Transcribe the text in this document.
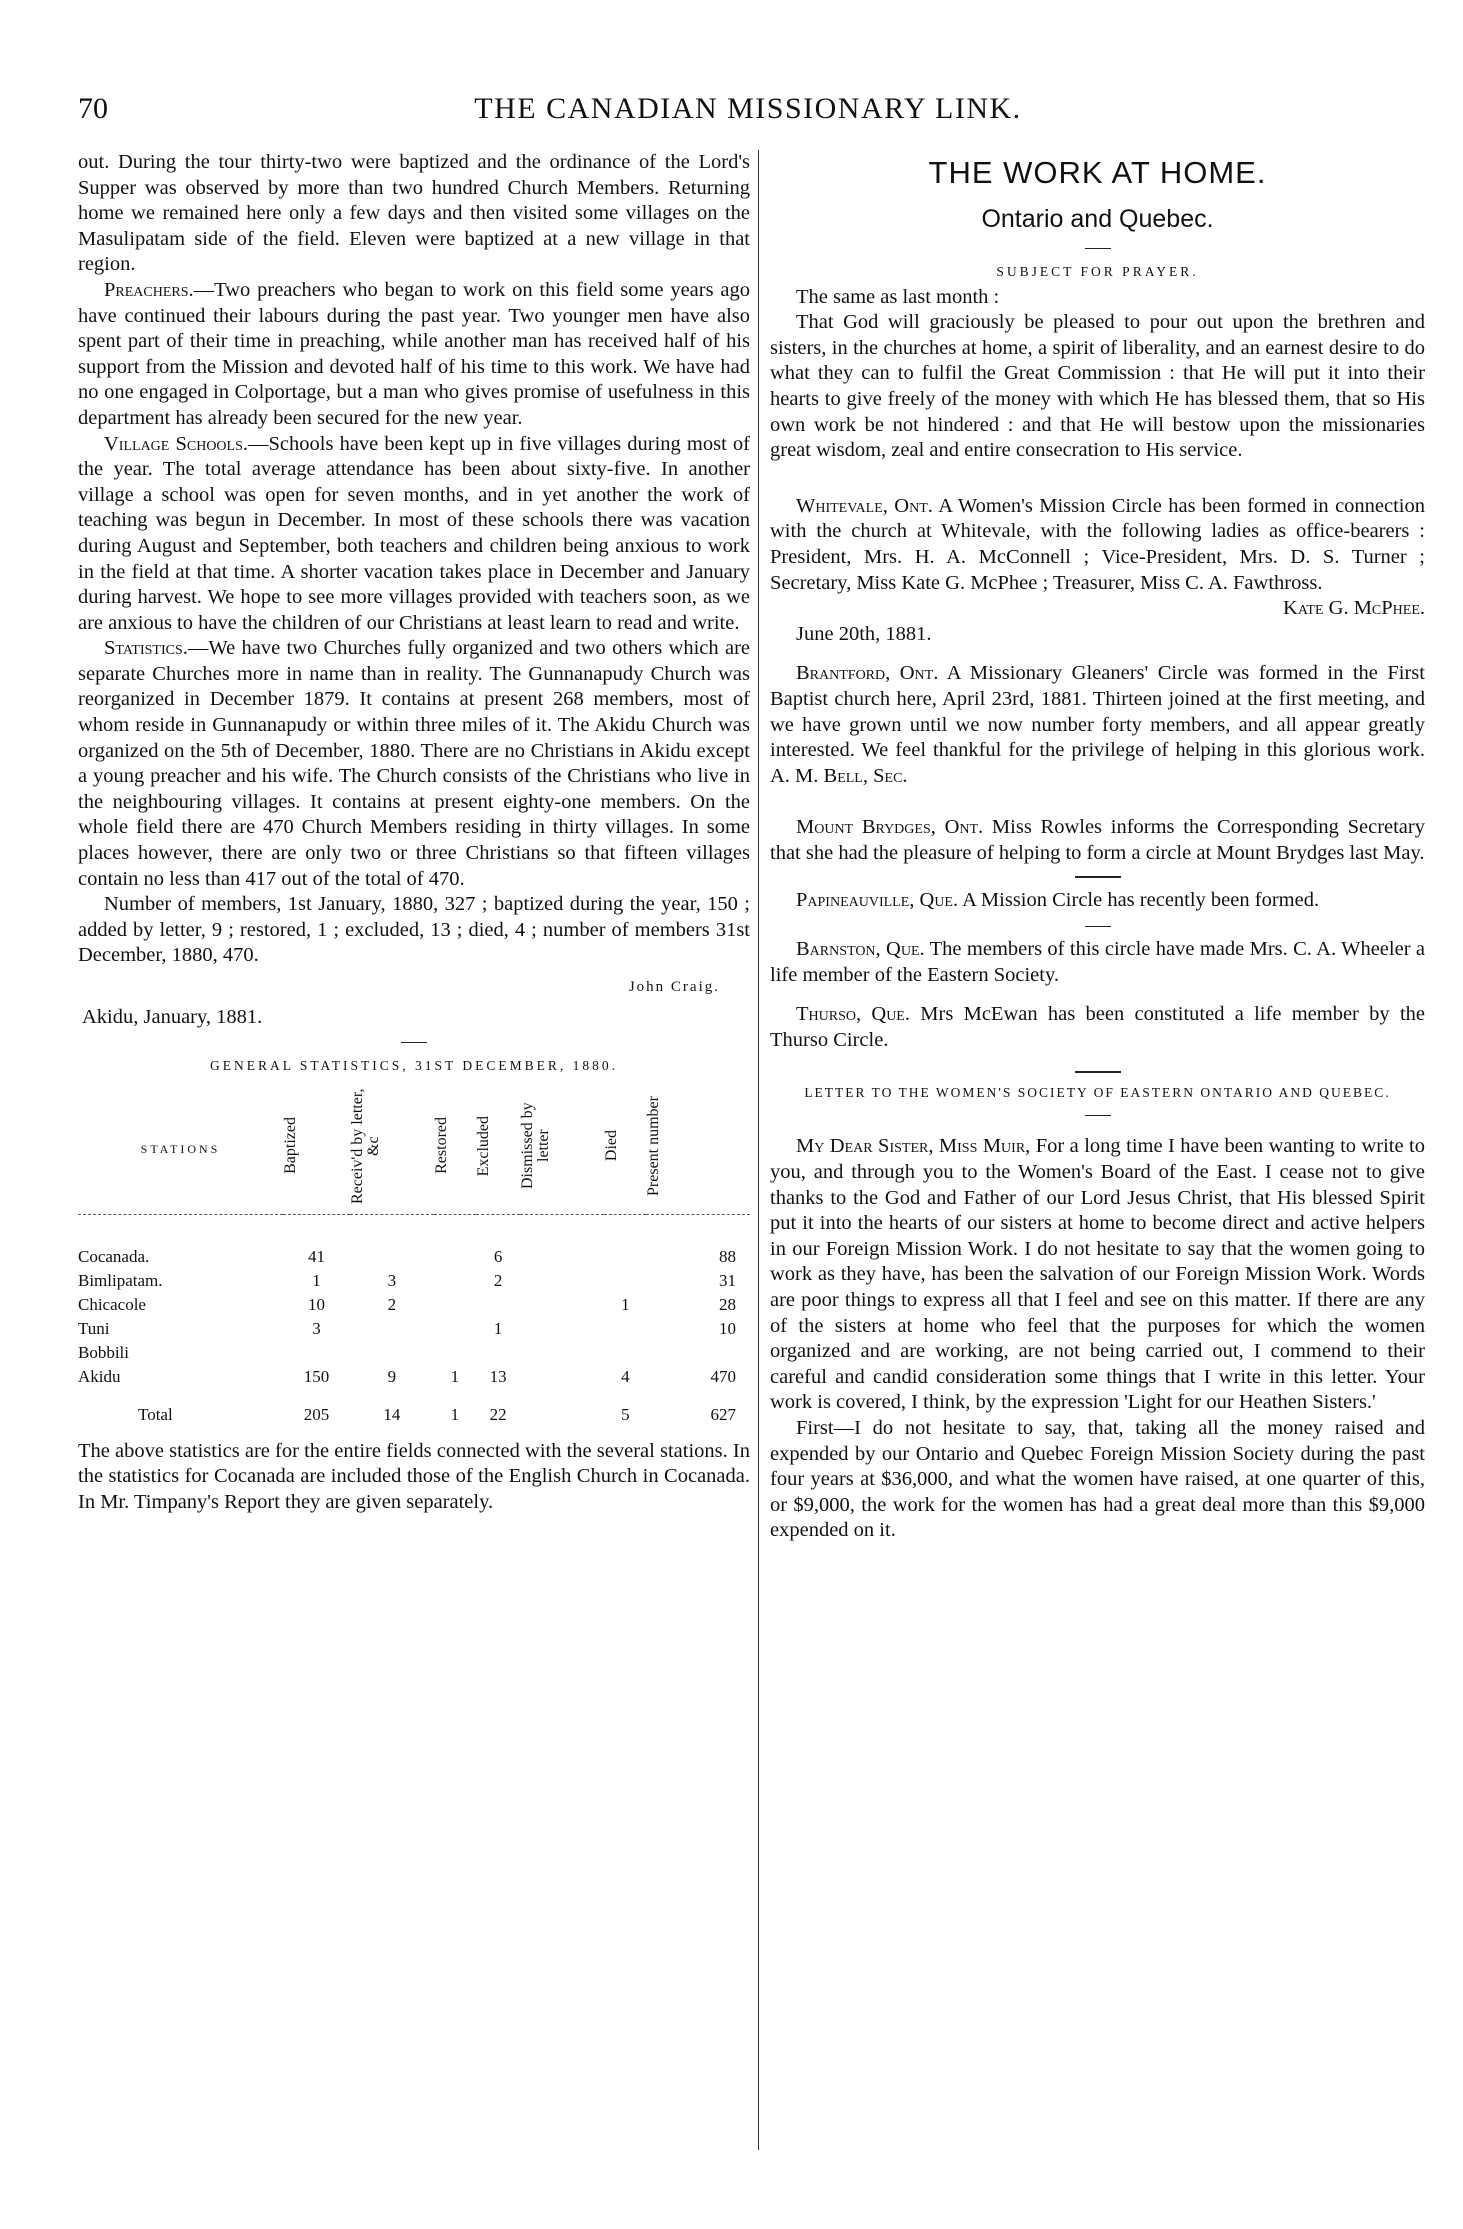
70	THE CANADIAN MISSIONARY LINK.

out. During the tour thirty-two were baptized and the ordinance of the Lord's Supper was observed by more than two hundred Church Members. Returning home we remained here only a few days and then visited some villages on the Masulipatam side of the field. Eleven were baptized at a new village in that region.

Preachers.—Two preachers who began to work on this field some years ago have continued their labours during the past year. Two younger men have also spent part of their time in preaching, while another man has received half of his support from the Mission and devoted half of his time to this work. We have had no one engaged in Colportage, but a man who gives promise of usefulness in this department has already been secured for the new year.

Village Schools.—Schools have been kept up in five villages during most of the year. The total average attendance has been about sixty-five. In another village a school was open for seven months, and in yet another the work of teaching was begun in December. In most of these schools there was vacation during August and September, both teachers and children being anxious to work in the field at that time. A shorter vacation takes place in December and January during harvest. We hope to see more villages provided with teachers soon, as we are anxious to have the children of our Christians at least learn to read and write.

Statistics.—We have two Churches fully organized and two others which are separate Churches more in name than in reality. The Gunnanapudy Church was reorganized in December 1879. It contains at present 268 members, most of whom reside in Gunnanapudy or within three miles of it. The Akidu Church was organized on the 5th of December, 1880. There are no Christians in Akidu except a young preacher and his wife. The Church consists of the Christians who live in the neighbouring villages. It contains at present eighty-one members. On the whole field there are 470 Church Members residing in thirty villages. In some places however, there are only two or three Christians so that fifteen villages contain no less than 417 out of the total of 470.

Number of members, 1st January, 1880, 327 ; baptized during the year, 150 ; added by letter, 9 ; restored, 1 ; excluded, 13 ; died, 4 ; number of members 31st December, 1880, 470.

John Craig.
Akidu, January, 1881.
GENERAL STATISTICS, 31ST DECEMBER, 1880.
STATIONS	Baptized	Receiv'd by letter, &c	Restored	Excluded	Dismissed by letter	Died	Present number

Cocanada.	41			6			88
Bimlipatam.	1	3		2			31
Chicacole	10	2				1	28
Tuni	3			1			10
Bobbili							
Akidu	150	9	1	13		4	470
Total	205	14	1	22		5	627

The above statistics are for the entire fields connected with the several stations. In the statistics for Cocanada are included those of the English Church in Cocanada. In Mr. Timpany's Report they are given separately.

THE WORK AT HOME.
Ontario and Quebec.
SUBJECT FOR PRAYER.

The same as last month :

That God will graciously be pleased to pour out upon the brethren and sisters, in the churches at home, a spirit of liberality, and an earnest desire to do what they can to fulfil the Great Commission : that He will put it into their hearts to give freely of the money with which He has blessed them, that so His own work be not hindered : and that He will bestow upon the missionaries great wisdom, zeal and entire consecration to His service.

Whitevale, Ont. A Women's Mission Circle has been formed in connection with the church at Whitevale, with the following ladies as office-bearers : President, Mrs. H. A. McConnell ; Vice-President, Mrs. D. S. Turner ; Secretary, Miss Kate G. McPhee ; Treasurer, Miss C. A. Fawthross.
Kate G. McPhee.

June 20th, 1881.

Brantford, Ont. A Missionary Gleaners' Circle was formed in the First Baptist church here, April 23rd, 1881. Thirteen joined at the first meeting, and we have grown until we now number forty members, and all appear greatly interested. We feel thankful for the privilege of helping in this glorious work. A. M. Bell, Sec.

Mount Brydges, Ont. Miss Rowles informs the Corresponding Secretary that she had the pleasure of helping to form a circle at Mount Brydges last May.

Papineauville, Que. A Mission Circle has recently been formed.

Barnston, Que. The members of this circle have made Mrs. C. A. Wheeler a life member of the Eastern Society.

Thurso, Que. Mrs McEwan has been constituted a life member by the Thurso Circle.

LETTER TO THE WOMEN'S SOCIETY OF EASTERN ONTARIO AND QUEBEC.

My Dear Sister, Miss Muir, For a long time I have been wanting to write to you, and through you to the Women's Board of the East. I cease not to give thanks to the God and Father of our Lord Jesus Christ, that His blessed Spirit put it into the hearts of our sisters at home to become direct and active helpers in our Foreign Mission Work. I do not hesitate to say that the women going to work as they have, has been the salvation of our Foreign Mission Work. Words are poor things to express all that I feel and see on this matter. If there are any of the sisters at home who feel that the purposes for which the women organized and are working, are not being carried out, I commend to their careful and candid consideration some things that I write in this letter. Your work is covered, I think, by the expression 'Light for our Heathen Sisters.'

First—I do not hesitate to say, that, taking all the money raised and expended by our Ontario and Quebec Foreign Mission Society during the past four years at $36,000, and what the women have raised, at one quarter of this, or $9,000, the work for the women has had a great deal more than this $9,000 expended on it.
